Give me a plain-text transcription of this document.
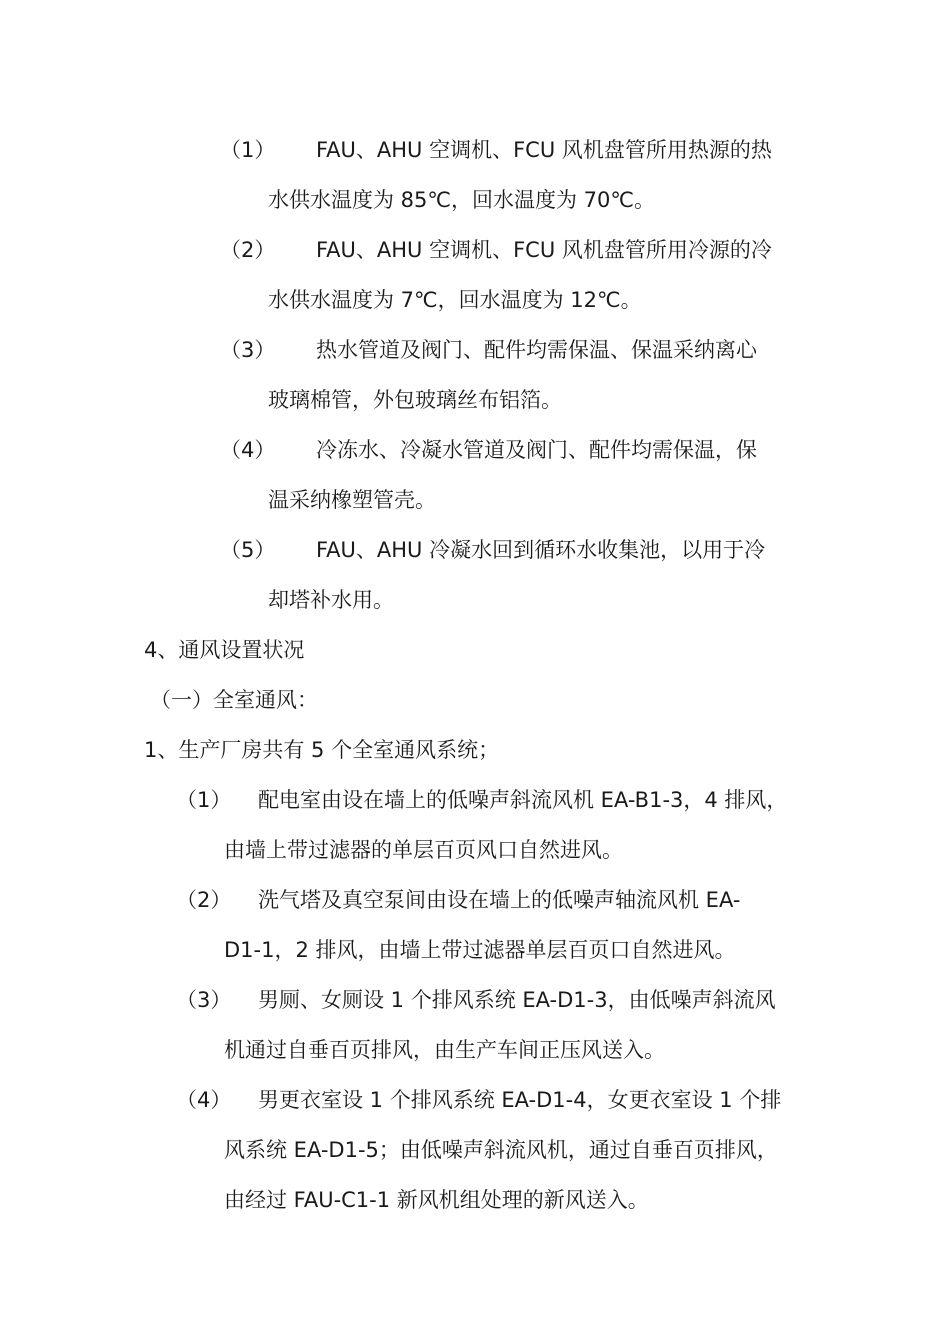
（1） FAU、AHU 空调机、FCU 风机盘管所用热源的热
水供水温度为 85℃，回水温度为 70℃。
（2） FAU、AHU 空调机、FCU 风机盘管所用冷源的冷
水供水温度为 7℃，回水温度为 12℃。
（3） 热水管道及阀门、配件均需保温、保温采纳离心
玻璃棉管，外包玻璃丝布铝箔。
（4） 冷冻水、冷凝水管道及阀门、配件均需保温，保
温采纳橡塑管壳。
（5） FAU、AHU 冷凝水回到循环水收集池，以用于冷
却塔补水用。
4、通风设置状况
（一）全室通风：
1、生产厂房共有 5 个全室通风系统；
（1） 配电室由设在墙上的低噪声斜流风机 EA-B1-3，4 排风，
由墙上带过滤器的单层百页风口自然进风。
（2） 洗气塔及真空泵间由设在墙上的低噪声轴流风机 EA-
D1-1，2 排风，由墙上带过滤器单层百页口自然进风。
（3） 男厕、女厕设 1 个排风系统 EA-D1-3，由低噪声斜流风
机通过自垂百页排风，由生产车间正压风送入。
（4） 男更衣室设 1 个排风系统 EA-D1-4，女更衣室设 1 个排
风系统 EA-D1-5；由低噪声斜流风机，通过自垂百页排风，
由经过 FAU-C1-1 新风机组处理的新风送入。
